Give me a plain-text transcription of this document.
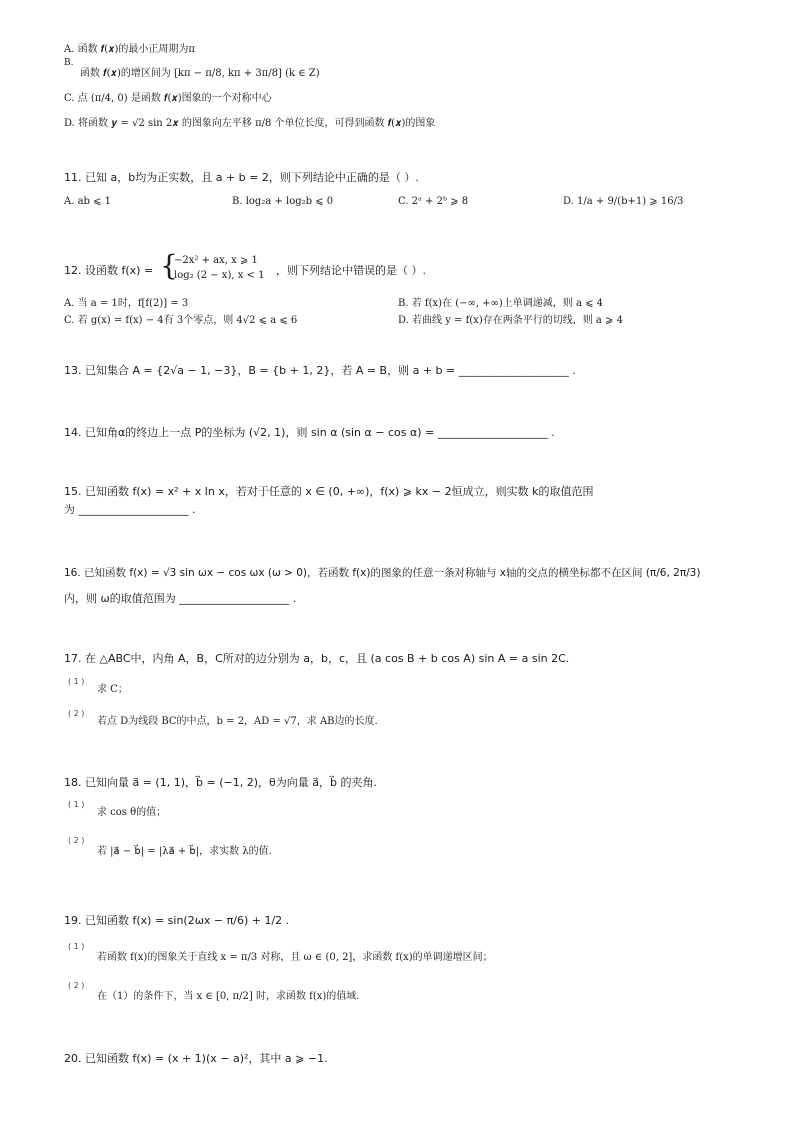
A. 函数 𝒇(𝒙)的最小正周期为π
B.
函数 𝒇(𝒙)的增区间为 [kπ − π/8, kπ + 3π/8] (k ∈ Z)
C. 点 (π/4, 0) 是函数 𝒇(𝒙)图象的一个对称中心
D. 将函数 𝒚 = √2 sin 2𝒙 的图象向左平移 π/8 个单位长度，可得到函数 𝒇(𝒙)的图象
11. 已知 a，b均为正实数，且 a + b = 2，则下列结论中正确的是（ ）.
A. ab ⩽ 1	B. log₂a + log₂b ⩽ 0	C. 2ᵃ + 2ᵇ ⩾ 8	D. 1/a + 9/(b+1) ⩾ 16/3
12. 设函数 f(x) = {
−2x² + ax, x ⩾ 1
log₂ (2 − x), x < 1 ，则下列结论中错误的是（ ）.
A. 当 a = 1时，f[f(2)] = 3	B. 若 f(x)在 (−∞, +∞)上单调递减，则 a ⩽ 4
C. 若 g(x) = f(x) − 4有 3个零点，则 4√2 ⩽ a ⩽ 6	D. 若曲线 y = f(x)存在两条平行的切线，则 a ⩾ 4
13. 已知集合 A = {2√a − 1, −3}，B = {b + 1, 2}，若 A = B，则 a + b = ____________________ .
14. 已知角α的终边上一点 P的坐标为 (√2, 1)，则 sin α (sin α − cos α) = ____________________ .
15. 已知函数 f(x) = x² + x ln x，若对于任意的 x ∈ (0, +∞)，f(x) ⩾ kx − 2恒成立，则实数 k的取值范围
为 ____________________ .
16. 已知函数 f(x) = √3 sin ωx − cos ωx (ω > 0)，若函数 f(x)的图象的任意一条对称轴与 x轴的交点的横坐标都不在区间 (π/6, 2π/3)
内，则 ω的取值范围为 ____________________ .
17. 在 △ABC中，内角 A，B，C所对的边分别为 a，b，c，且 (a cos B + b cos A) sin A = a sin 2C.
( 1 )
求 C；
( 2 )
若点 D为线段 BC的中点，b = 2，AD = √7，求 AB边的长度.
18. 已知向量 a⃗ = (1, 1)，b⃗ = (−1, 2)，θ为向量 a⃗，b⃗ 的夹角.
( 1 )
求 cos θ的值；
( 2 )
若 |a⃗ − b⃗| = |λa⃗ + b⃗|，求实数 λ的值.
19. 已知函数 f(x) = sin(2ωx − π/6) + 1/2 .
( 1 )
若函数 f(x)的图象关于直线 x = π/3 对称，且 ω ∈ (0, 2]，求函数 f(x)的单调递增区间；
( 2 )
在（1）的条件下，当 x ∈ [0, π/2] 时，求函数 f(x)的值域.
20. 已知函数 f(x) = (x + 1)(x − a)²，其中 a ⩾ −1.
